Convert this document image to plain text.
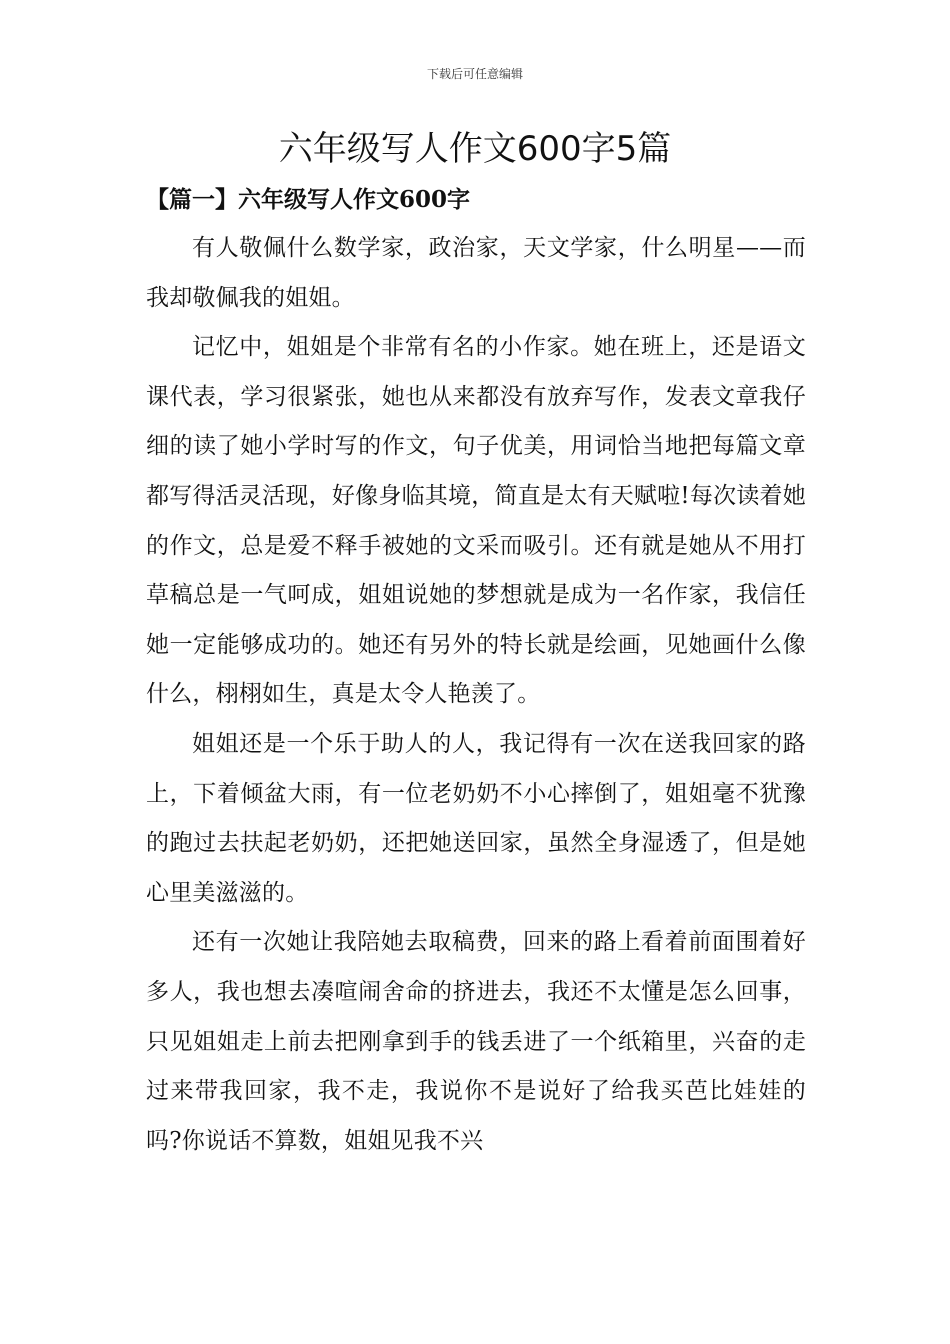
下载后可任意编辑
六年级写人作文600字5篇
【篇一】六年级写人作文600字

有人敬佩什么数学家，政治家，天文学家，什么明星——而我却敬佩我的姐姐。

记忆中，姐姐是个非常有名的小作家。她在班上，还是语文课代表，学习很紧张，她也从来都没有放弃写作，发表文章我仔细的读了她小学时写的作文，句子优美，用词恰当地把每篇文章都写得活灵活现，好像身临其境，简直是太有天赋啦!每次读着她的作文，总是爱不释手被她的文采而吸引。还有就是她从不用打草稿总是一气呵成，姐姐说她的梦想就是成为一名作家，我信任她一定能够成功的。她还有另外的特长就是绘画，见她画什么像什么，栩栩如生，真是太令人艳羡了。

姐姐还是一个乐于助人的人，我记得有一次在送我回家的路上，下着倾盆大雨，有一位老奶奶不小心摔倒了，姐姐毫不犹豫的跑过去扶起老奶奶，还把她送回家，虽然全身湿透了，但是她心里美滋滋的。

还有一次她让我陪她去取稿费，回来的路上看着前面围着好多人，我也想去凑喧闹舍命的挤进去，我还不太懂是怎么回事，只见姐姐走上前去把刚拿到手的钱丢进了一个纸箱里，兴奋的走过来带我回家，我不走，我说你不是说好了给我买芭比娃娃的吗?你说话不算数，姐姐见我不兴
